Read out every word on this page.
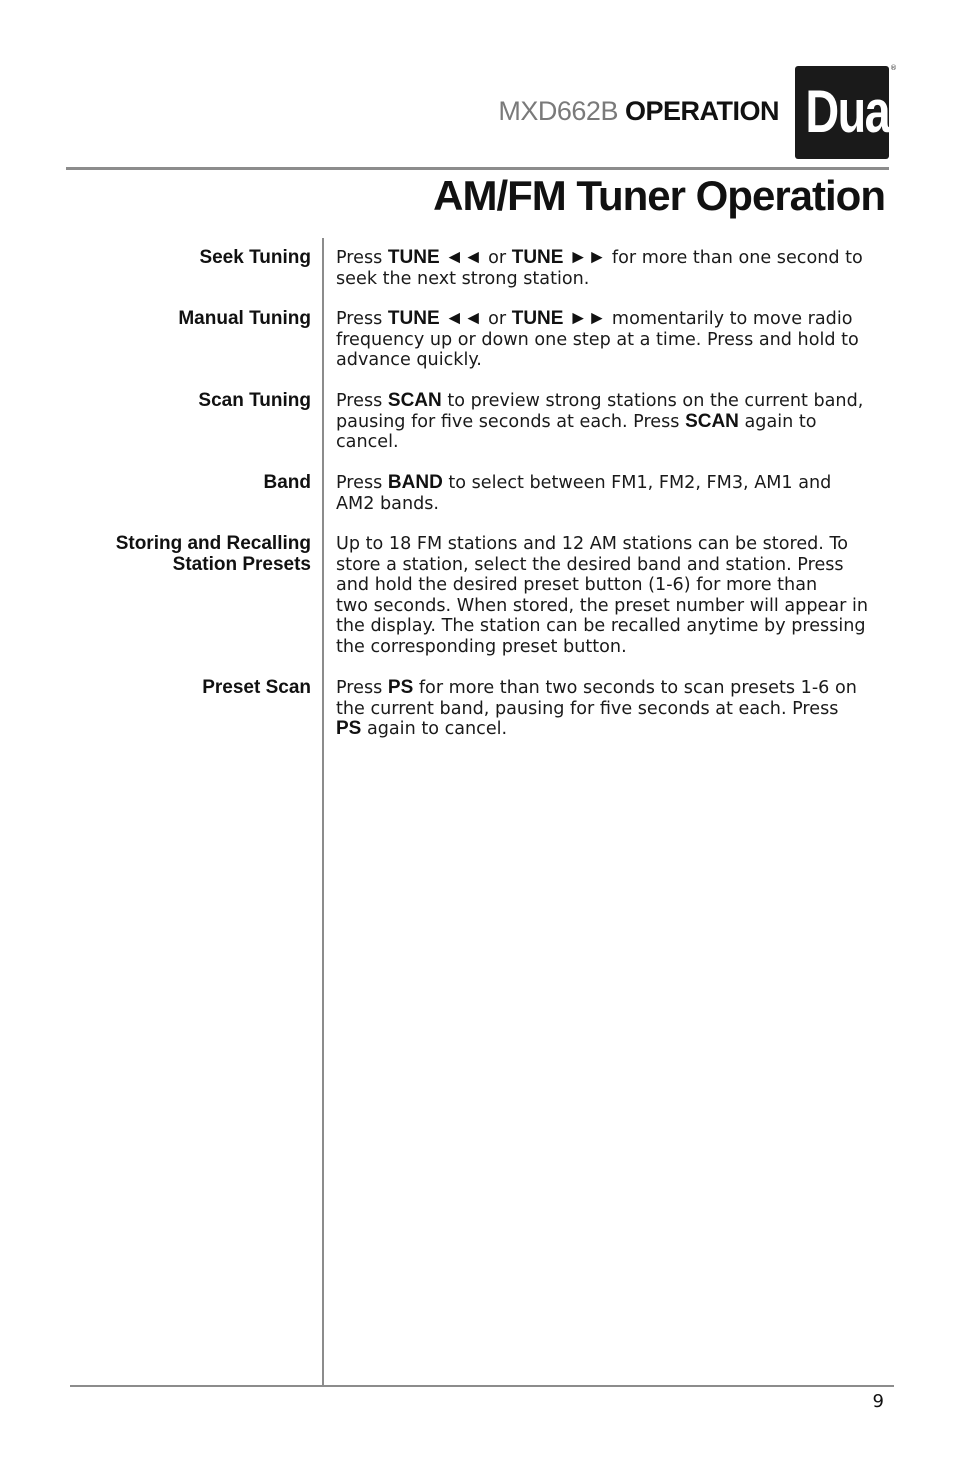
MXD662B OPERATION Dual
®
AM/FM Tuner Operation
Seek Tuning Press TUNE ◄◄ or TUNE ►► for more than one second to
seek the next strong station.
Manual Tuning Press TUNE ◄◄ or TUNE ►► momentarily to move radio
frequency up or down one step at a time. Press and hold to
advance quickly.
Scan Tuning Press SCAN to preview strong stations on the current band,
pausing for five seconds at each. Press SCAN again to
cancel.
Band Press BAND to select between FM1, FM2, FM3, AM1 and
AM2 bands.
Storing and Recalling
Station Presets
Up to 18 FM stations and 12 AM stations can be stored. To
store a station, select the desired band and station. Press
and hold the desired preset button (1-6) for more than
two seconds. When stored, the preset number will appear in
the display. The station can be recalled anytime by pressing
the corresponding preset button.
Preset Scan Press PS for more than two seconds to scan presets 1-6 on
the current band, pausing for five seconds at each. Press
PS again to cancel.
9
